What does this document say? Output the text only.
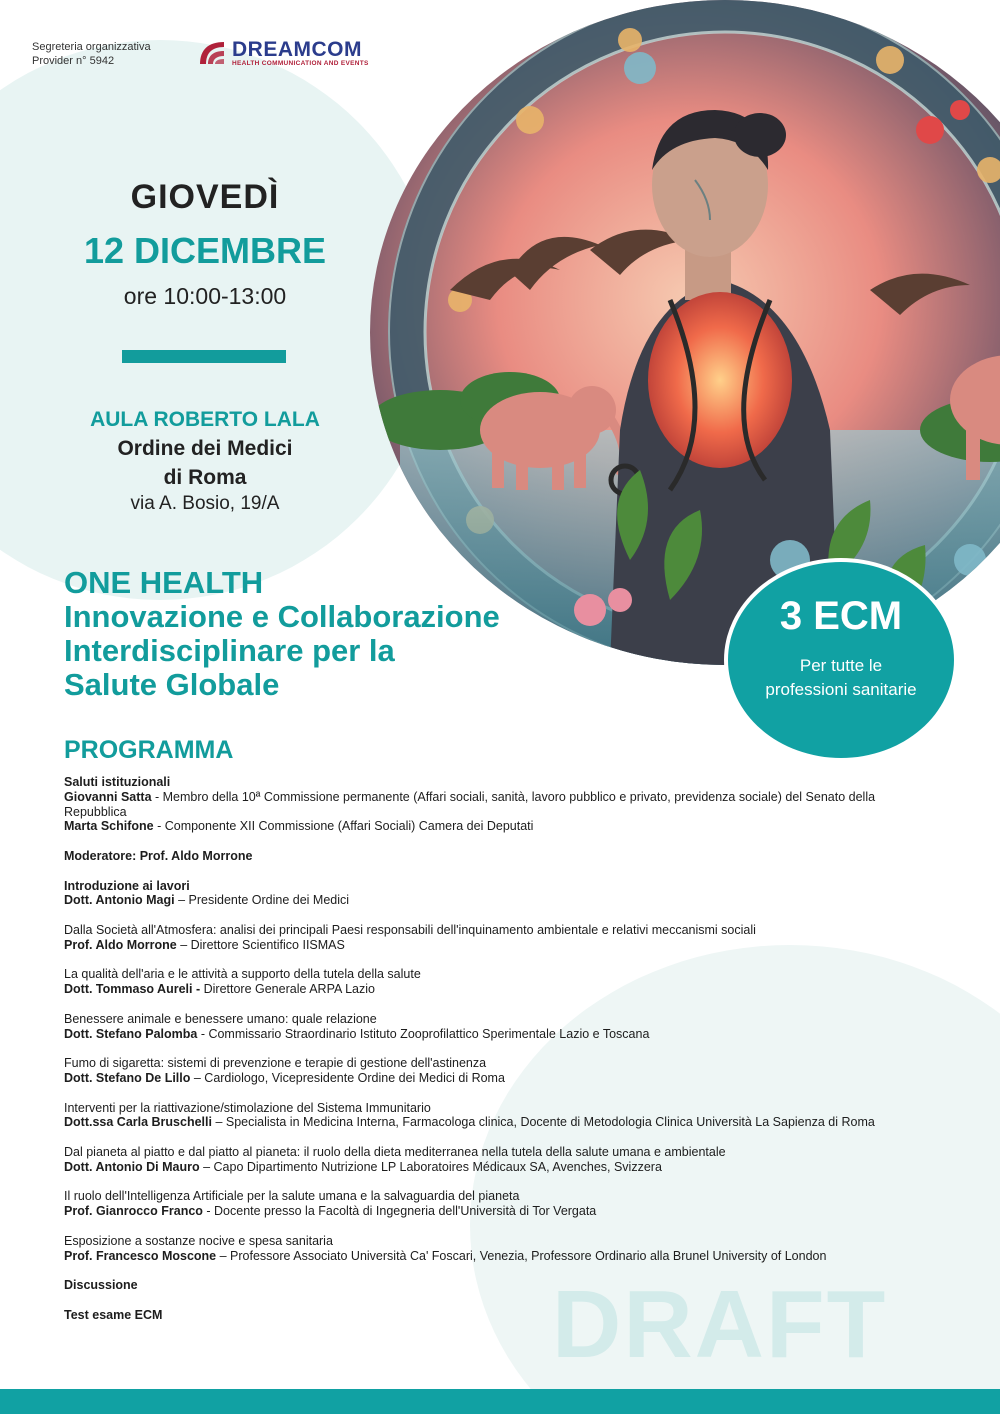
Segreteria organizzativa
Provider n° 5942	DREAMCOM
HEALTH COMMUNICATION AND EVENTS
GIOVEDÌ
12 DICEMBRE
ore 10:00-13:00
AULA ROBERTO LALA
Ordine dei Medici
di Roma
via A. Bosio, 19/A
ONE HEALTH
Innovazione e Collaborazione
Interdisciplinare per la
Salute Globale
3 ECM
Per tutte le professioni sanitarie
PROGRAMMA
Saluti istituzionali
Giovanni Satta - Membro della 10ª Commissione permanente (Affari sociali, sanità, lavoro pubblico e privato, previdenza sociale) del Senato della Repubblica
Marta Schifone - Componente XII Commissione (Affari Sociali) Camera dei Deputati
Moderatore: Prof. Aldo Morrone
Introduzione ai lavori
Dott. Antonio Magi – Presidente Ordine dei Medici
Dalla Società all'Atmosfera: analisi dei principali Paesi responsabili dell'inquinamento ambientale e relativi meccanismi sociali
Prof. Aldo Morrone – Direttore Scientifico IISMAS
La qualità dell'aria e le attività a supporto della tutela della salute
Dott. Tommaso Aureli - Direttore Generale ARPA Lazio
Benessere animale e benessere umano: quale relazione
Dott. Stefano Palomba - Commissario Straordinario Istituto Zooprofilattico Sperimentale Lazio e Toscana
Fumo di sigaretta: sistemi di prevenzione e terapie di gestione dell'astinenza
Dott. Stefano De Lillo – Cardiologo, Vicepresidente Ordine dei Medici di Roma
Interventi per la riattivazione/stimolazione del Sistema Immunitario
Dott.ssa Carla Bruschelli – Specialista in Medicina Interna, Farmacologa clinica, Docente di Metodologia Clinica Università La Sapienza di Roma
Dal pianeta al piatto e dal piatto al pianeta: il ruolo della dieta mediterranea nella tutela della salute umana e ambientale
Dott. Antonio Di Mauro – Capo Dipartimento Nutrizione LP Laboratoires Médicaux SA, Avenches, Svizzera
Il ruolo dell'Intelligenza Artificiale per la salute umana e la salvaguardia del pianeta
Prof. Gianrocco Franco - Docente presso la Facoltà di Ingegneria dell'Università di Tor Vergata
Esposizione a sostanze nocive e spesa sanitaria
Prof. Francesco Moscone – Professore Associato Università Ca' Foscari, Venezia, Professore Ordinario alla Brunel University of London
Discussione
Test esame ECM	DRAFT
